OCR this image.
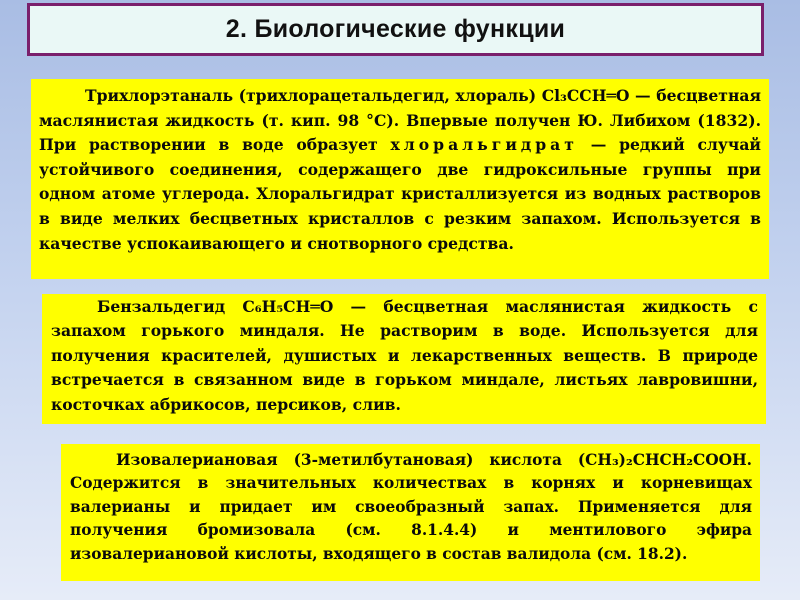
2. Биологические функции

Трихлорэтаналь (трихлорацетальдегид, хлораль) Cl₃CCH═O — бесцветная маслянистая жидкость (т. кип. 98 °С). Впервые получен Ю. Либихом (1832). При растворении в воде образует хлоральгидрат — редкий случай устойчивого соединения, содержащего две гидроксильные группы при одном атоме углерода. Хлоральгидрат кристаллизуется из водных растворов в виде мелких бесцветных кристаллов с резким запахом. Используется в качестве успокаивающего и снотворного средства.

Бензальдегид C₆H₅CH═O — бесцветная маслянистая жидкость с запахом горького миндаля. Не растворим в воде. Используется для получения красителей, душистых и лекарственных веществ. В природе встречается в связанном виде в горьком миндале, листьях лавровишни, косточках абрикосов, персиков, слив.

Изовалериановая (3-метилбутановая) кислота (CH₃)₂CHCH₂COOH. Содержится в значительных количествах в корнях и корневищах валерианы и придает им своеобразный запах. Применяется для получения бромизовала (см. 8.1.4.4) и ментилового эфира изовалериановой кислоты, входящего в состав валидола (см. 18.2).
